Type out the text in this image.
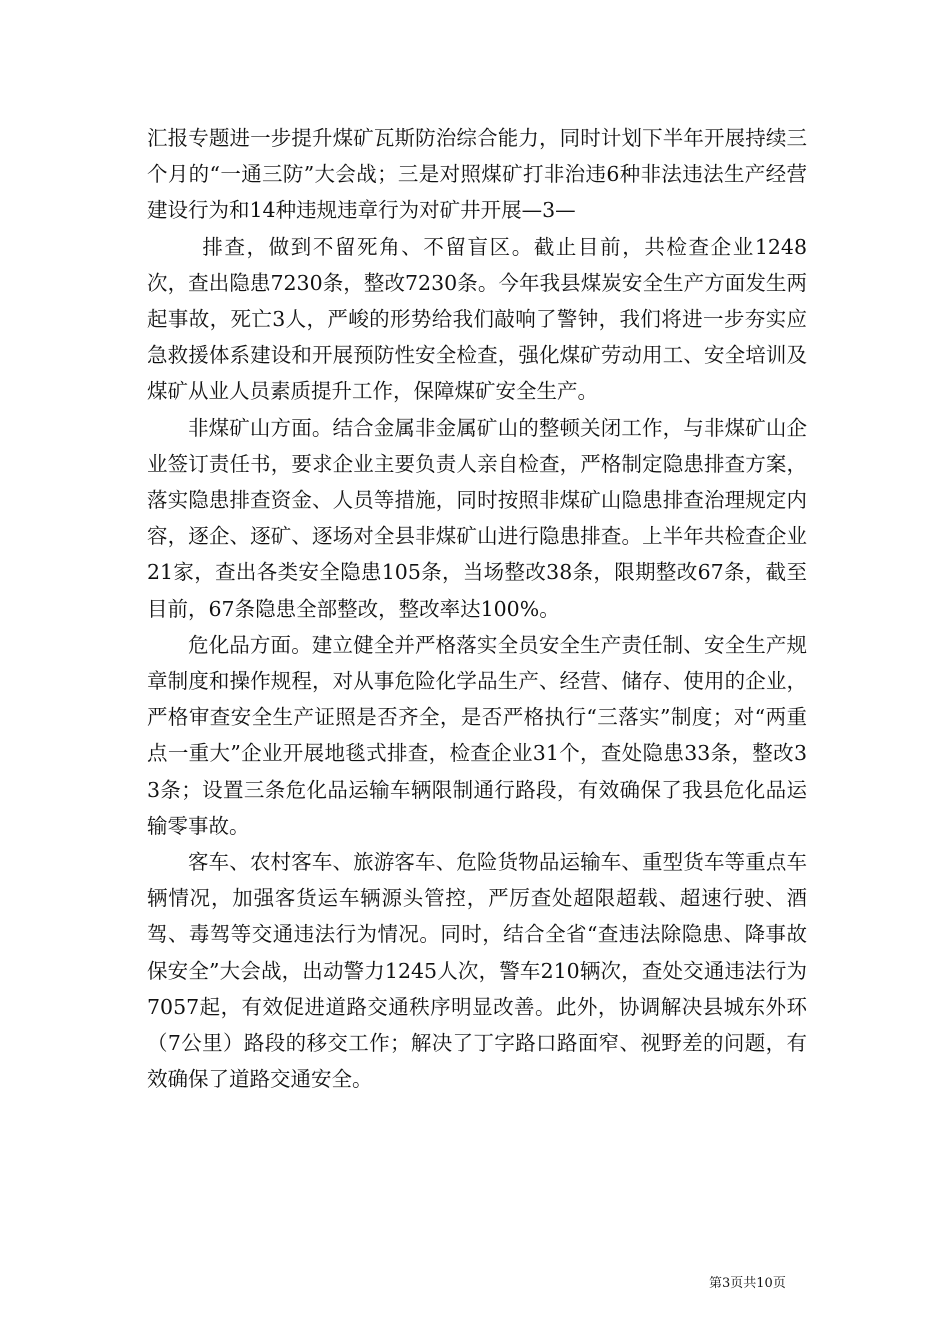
汇报专题进一步提升煤矿瓦斯防治综合能力，同时计划下半年开展持续三个月的“一通三防”大会战；三是对照煤矿打非治违6种非法违法生产经营建设行为和14种违规违章行为对矿井开展—3—

排查，做到不留死角、不留盲区。截止目前，共检查企业1248次，查出隐患7230条，整改7230条。今年我县煤炭安全生产方面发生两起事故，死亡3人，严峻的形势给我们敲响了警钟，我们将进一步夯实应急救援体系建设和开展预防性安全检查，强化煤矿劳动用工、安全培训及煤矿从业人员素质提升工作，保障煤矿安全生产。

非煤矿山方面。结合金属非金属矿山的整顿关闭工作，与非煤矿山企业签订责任书，要求企业主要负责人亲自检查，严格制定隐患排查方案，落实隐患排查资金、人员等措施，同时按照非煤矿山隐患排查治理规定内容，逐企、逐矿、逐场对全县非煤矿山进行隐患排查。上半年共检查企业21家，查出各类安全隐患105条，当场整改38条，限期整改67条，截至目前，67条隐患全部整改，整改率达100%。

危化品方面。建立健全并严格落实全员安全生产责任制、安全生产规章制度和操作规程，对从事危险化学品生产、经营、储存、使用的企业，严格审查安全生产证照是否齐全，是否严格执行“三落实”制度；对“两重点一重大”企业开展地毯式排查，检查企业31个，查处隐患33条，整改33条；设置三条危化品运输车辆限制通行路段，有效确保了我县危化品运输零事故。

客车、农村客车、旅游客车、危险货物品运输车、重型货车等重点车辆情况，加强客货运车辆源头管控，严厉查处超限超载、超速行驶、酒驾、毒驾等交通违法行为情况。同时，结合全省“查违法除隐患、降事故保安全”大会战，出动警力1245人次，警车210辆次，查处交通违法行为7057起，有效促进道路交通秩序明显改善。此外，协调解决县城东外环（7公里）路段的移交工作；解决了丁字路口路面窄、视野差的问题，有效确保了道路交通安全。

第3页共10页
